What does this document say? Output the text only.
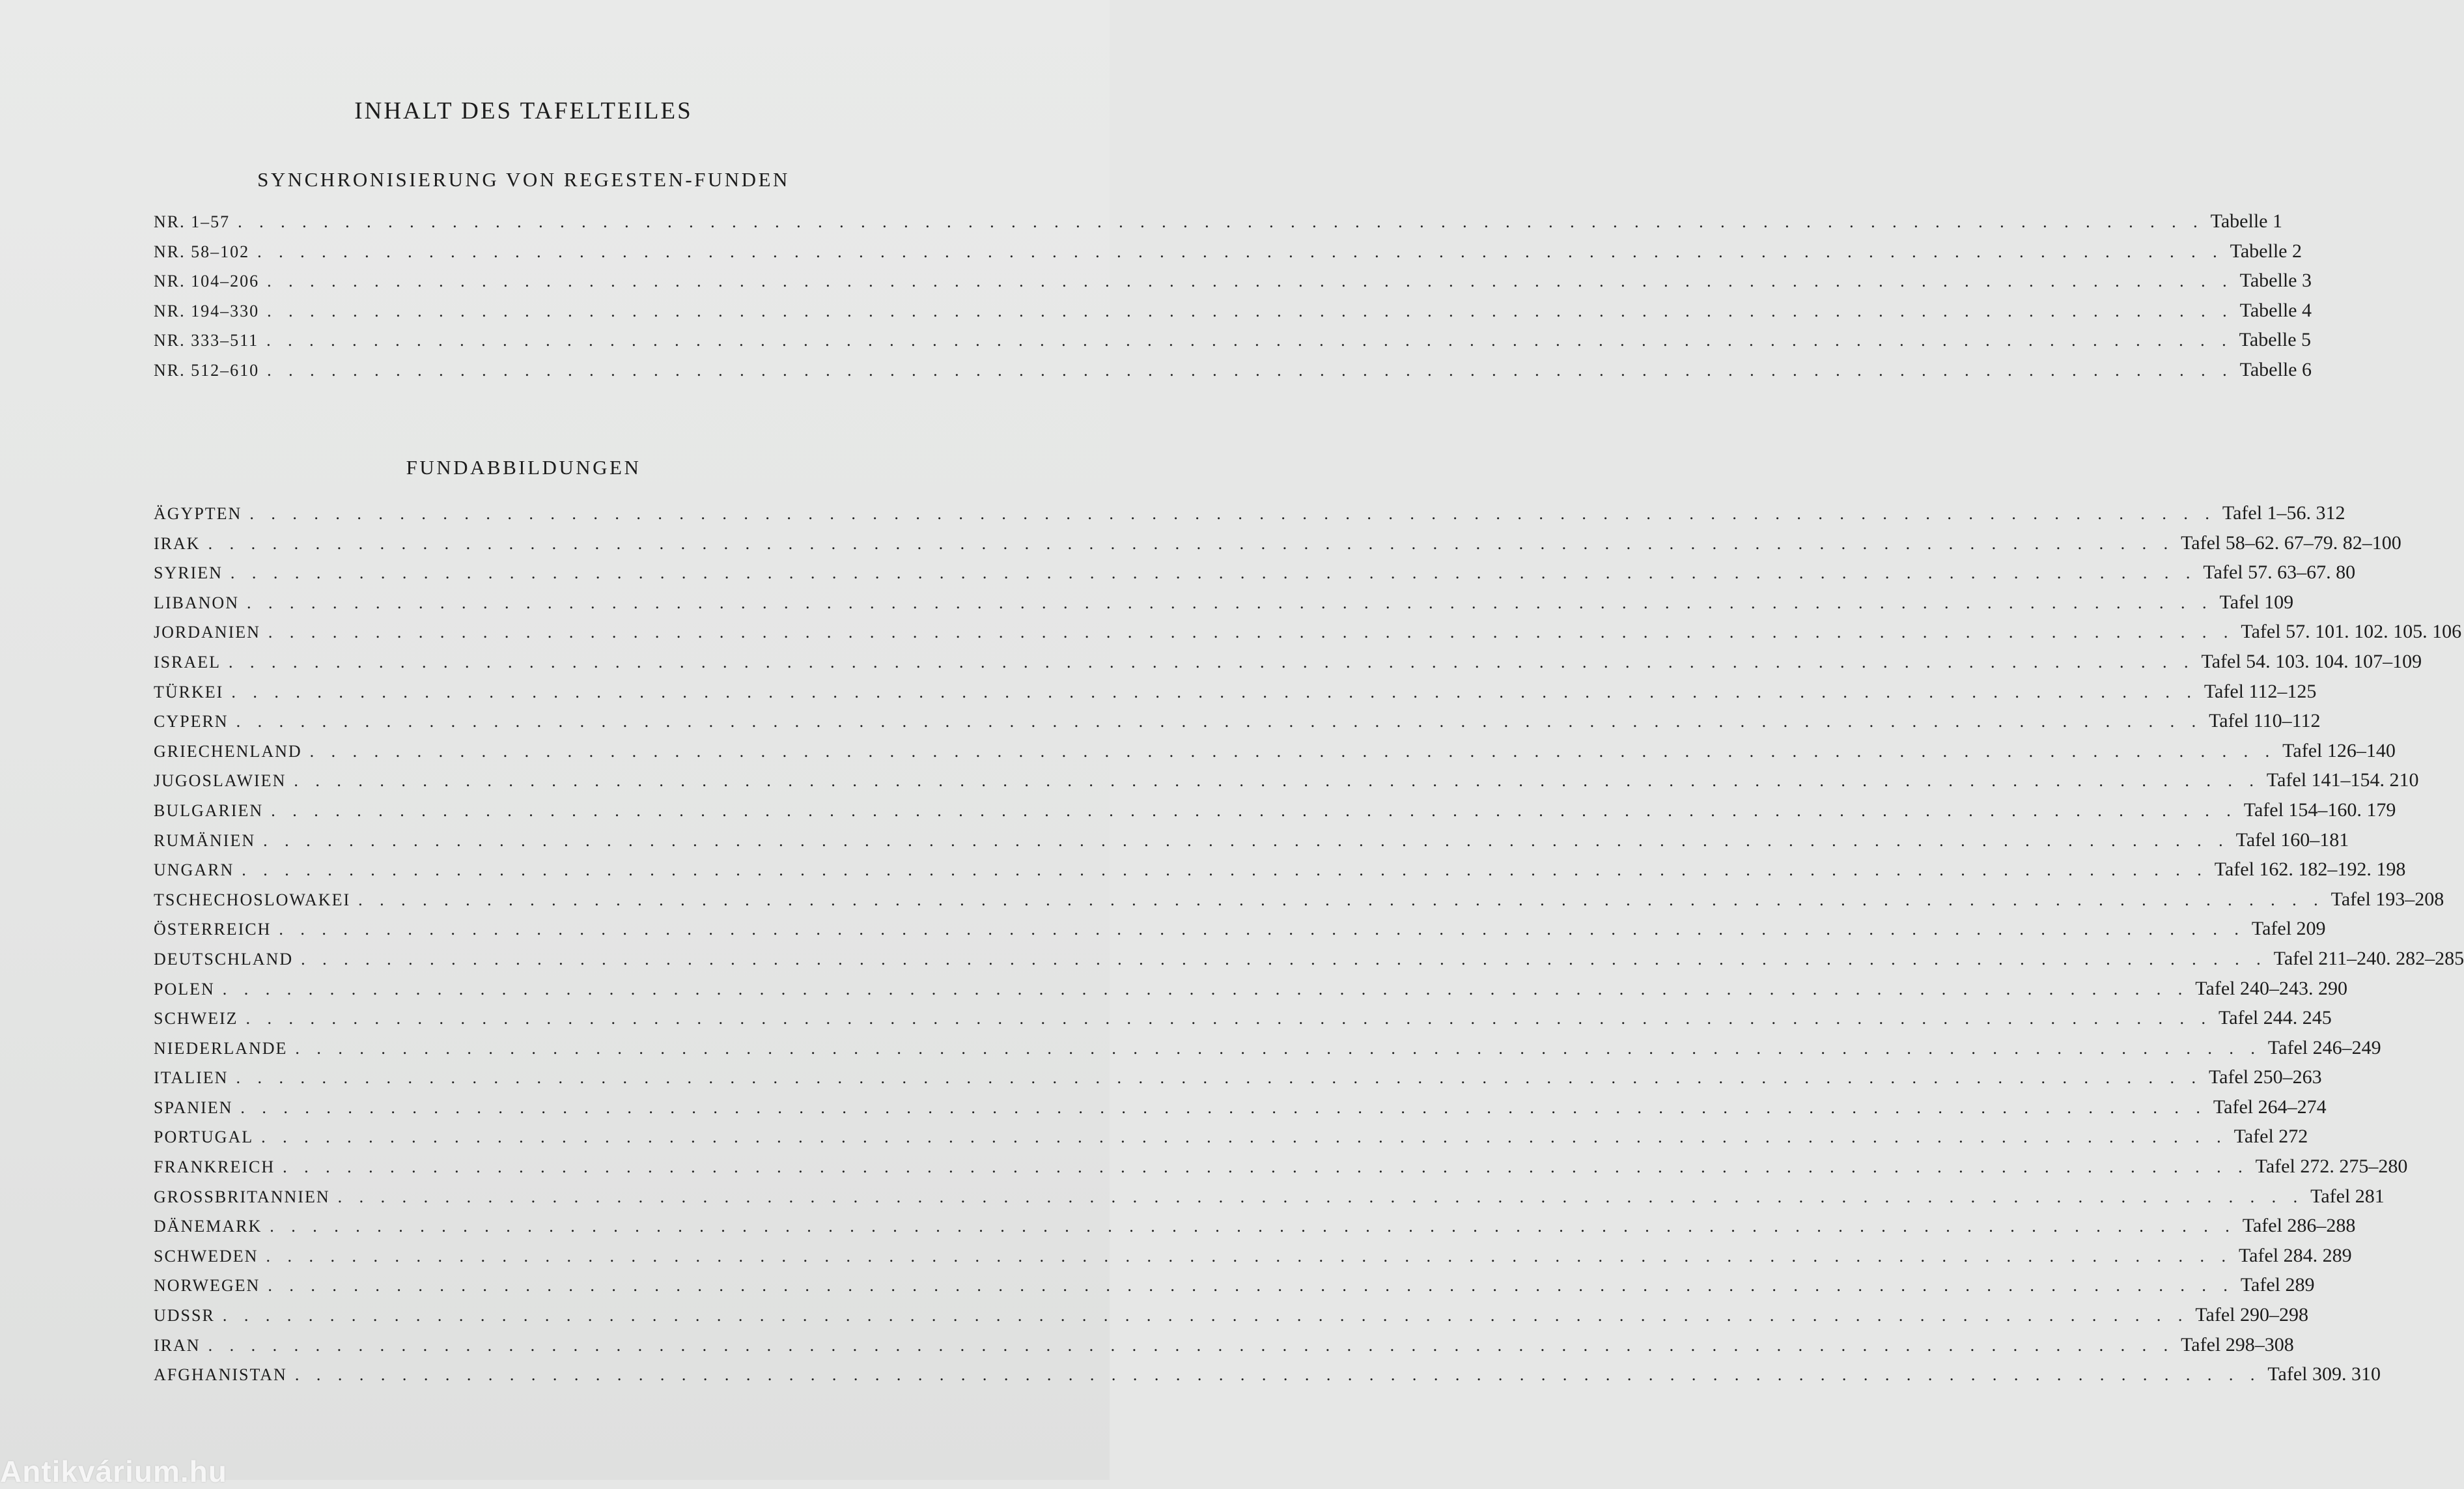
INHALT DES TAFELTEILES
SYNCHRONISIERUNG VON REGESTEN-FUNDEN
NR. 1–57 . . . . . . . . . . . . . . . . . . . . . . . . . . . . . . . . . . . . . . . . . . . . . . . . . . . . . . . . . . . . . . . . . . . . . . . . . . . . . . . . . . . . . . . . . . . . Tabelle 1
NR. 58–102 . . . . . . . . . . . . . . . . . . . . . . . . . . . . . . . . . . . . . . . . . . . . . . . . . . . . . . . . . . . . . . . . . . . . . . . . . . . . . . . . . . . . . . . . . . . . Tabelle 2
NR. 104–206 . . . . . . . . . . . . . . . . . . . . . . . . . . . . . . . . . . . . . . . . . . . . . . . . . . . . . . . . . . . . . . . . . . . . . . . . . . . . . . . . . . . . . . . . . . . . Tabelle 3
NR. 194–330 . . . . . . . . . . . . . . . . . . . . . . . . . . . . . . . . . . . . . . . . . . . . . . . . . . . . . . . . . . . . . . . . . . . . . . . . . . . . . . . . . . . . . . . . . . . . Tabelle 4
NR. 333–511 . . . . . . . . . . . . . . . . . . . . . . . . . . . . . . . . . . . . . . . . . . . . . . . . . . . . . . . . . . . . . . . . . . . . . . . . . . . . . . . . . . . . . . . . . . . . Tabelle 5
NR. 512–610 . . . . . . . . . . . . . . . . . . . . . . . . . . . . . . . . . . . . . . . . . . . . . . . . . . . . . . . . . . . . . . . . . . . . . . . . . . . . . . . . . . . . . . . . . . . . Tabelle 6
FUNDABBILDUNGEN
ÄGYPTEN . . . . . . . . . . . . . . . . . . . . . . . . . . . . . . . . . . . . . . . . . . . . . . . . . . . . . . . . . . . . . . . . . . . . . . . . . . . . . . . . . . . . . . . . . . . . Tafel 1–56. 312
IRAK . . . . . . . . . . . . . . . . . . . . . . . . . . . . . . . . . . . . . . . . . . . . . . . . . . . . . . . . . . . . . . . . . . . . . . . . . . . . . . . . . . . . . . . . . . . . Tafel 58–62. 67–79. 82–100
SYRIEN . . . . . . . . . . . . . . . . . . . . . . . . . . . . . . . . . . . . . . . . . . . . . . . . . . . . . . . . . . . . . . . . . . . . . . . . . . . . . . . . . . . . . . . . . . . . Tafel 57. 63–67. 80
LIBANON . . . . . . . . . . . . . . . . . . . . . . . . . . . . . . . . . . . . . . . . . . . . . . . . . . . . . . . . . . . . . . . . . . . . . . . . . . . . . . . . . . . . . . . . . . . . Tafel 109
JORDANIEN . . . . . . . . . . . . . . . . . . . . . . . . . . . . . . . . . . . . . . . . . . . . . . . . . . . . . . . . . . . . . . . . . . . . . . . . . . . . . . . . . . . . . . . . . . . . Tafel 57. 101. 102. 105. 106
ISRAEL . . . . . . . . . . . . . . . . . . . . . . . . . . . . . . . . . . . . . . . . . . . . . . . . . . . . . . . . . . . . . . . . . . . . . . . . . . . . . . . . . . . . . . . . . . . . Tafel 54. 103. 104. 107–109
TÜRKEI . . . . . . . . . . . . . . . . . . . . . . . . . . . . . . . . . . . . . . . . . . . . . . . . . . . . . . . . . . . . . . . . . . . . . . . . . . . . . . . . . . . . . . . . . . . . Tafel 112–125
CYPERN . . . . . . . . . . . . . . . . . . . . . . . . . . . . . . . . . . . . . . . . . . . . . . . . . . . . . . . . . . . . . . . . . . . . . . . . . . . . . . . . . . . . . . . . . . . . Tafel 110–112
GRIECHENLAND . . . . . . . . . . . . . . . . . . . . . . . . . . . . . . . . . . . . . . . . . . . . . . . . . . . . . . . . . . . . . . . . . . . . . . . . . . . . . . . . . . . . . . . . . . . . Tafel 126–140
JUGOSLAWIEN . . . . . . . . . . . . . . . . . . . . . . . . . . . . . . . . . . . . . . . . . . . . . . . . . . . . . . . . . . . . . . . . . . . . . . . . . . . . . . . . . . . . . . . . . . . . Tafel 141–154. 210
BULGARIEN . . . . . . . . . . . . . . . . . . . . . . . . . . . . . . . . . . . . . . . . . . . . . . . . . . . . . . . . . . . . . . . . . . . . . . . . . . . . . . . . . . . . . . . . . . . . Tafel 154–160. 179
RUMÄNIEN . . . . . . . . . . . . . . . . . . . . . . . . . . . . . . . . . . . . . . . . . . . . . . . . . . . . . . . . . . . . . . . . . . . . . . . . . . . . . . . . . . . . . . . . . . . . Tafel 160–181
UNGARN . . . . . . . . . . . . . . . . . . . . . . . . . . . . . . . . . . . . . . . . . . . . . . . . . . . . . . . . . . . . . . . . . . . . . . . . . . . . . . . . . . . . . . . . . . . . Tafel 162. 182–192. 198
TSCHECHOSLOWAKEI . . . . . . . . . . . . . . . . . . . . . . . . . . . . . . . . . . . . . . . . . . . . . . . . . . . . . . . . . . . . . . . . . . . . . . . . . . . . . . . . . . . . . . . . . . . . Tafel 193–208
ÖSTERREICH . . . . . . . . . . . . . . . . . . . . . . . . . . . . . . . . . . . . . . . . . . . . . . . . . . . . . . . . . . . . . . . . . . . . . . . . . . . . . . . . . . . . . . . . . . . . Tafel 209
DEUTSCHLAND . . . . . . . . . . . . . . . . . . . . . . . . . . . . . . . . . . . . . . . . . . . . . . . . . . . . . . . . . . . . . . . . . . . . . . . . . . . . . . . . . . . . . . . . . . . . Tafel 211–240. 282–285
POLEN . . . . . . . . . . . . . . . . . . . . . . . . . . . . . . . . . . . . . . . . . . . . . . . . . . . . . . . . . . . . . . . . . . . . . . . . . . . . . . . . . . . . . . . . . . . . Tafel 240–243. 290
SCHWEIZ . . . . . . . . . . . . . . . . . . . . . . . . . . . . . . . . . . . . . . . . . . . . . . . . . . . . . . . . . . . . . . . . . . . . . . . . . . . . . . . . . . . . . . . . . . . . Tafel 244. 245
NIEDERLANDE . . . . . . . . . . . . . . . . . . . . . . . . . . . . . . . . . . . . . . . . . . . . . . . . . . . . . . . . . . . . . . . . . . . . . . . . . . . . . . . . . . . . . . . . . . . . Tafel 246–249
ITALIEN . . . . . . . . . . . . . . . . . . . . . . . . . . . . . . . . . . . . . . . . . . . . . . . . . . . . . . . . . . . . . . . . . . . . . . . . . . . . . . . . . . . . . . . . . . . . Tafel 250–263
SPANIEN . . . . . . . . . . . . . . . . . . . . . . . . . . . . . . . . . . . . . . . . . . . . . . . . . . . . . . . . . . . . . . . . . . . . . . . . . . . . . . . . . . . . . . . . . . . . Tafel 264–274
PORTUGAL . . . . . . . . . . . . . . . . . . . . . . . . . . . . . . . . . . . . . . . . . . . . . . . . . . . . . . . . . . . . . . . . . . . . . . . . . . . . . . . . . . . . . . . . . . . . Tafel 272
FRANKREICH . . . . . . . . . . . . . . . . . . . . . . . . . . . . . . . . . . . . . . . . . . . . . . . . . . . . . . . . . . . . . . . . . . . . . . . . . . . . . . . . . . . . . . . . . . . . Tafel 272. 275–280
GROSSBRITANNIEN . . . . . . . . . . . . . . . . . . . . . . . . . . . . . . . . . . . . . . . . . . . . . . . . . . . . . . . . . . . . . . . . . . . . . . . . . . . . . . . . . . . . . . . . . . . . Tafel 281
DÄNEMARK . . . . . . . . . . . . . . . . . . . . . . . . . . . . . . . . . . . . . . . . . . . . . . . . . . . . . . . . . . . . . . . . . . . . . . . . . . . . . . . . . . . . . . . . . . . . Tafel 286–288
SCHWEDEN . . . . . . . . . . . . . . . . . . . . . . . . . . . . . . . . . . . . . . . . . . . . . . . . . . . . . . . . . . . . . . . . . . . . . . . . . . . . . . . . . . . . . . . . . . . . Tafel 284. 289
NORWEGEN . . . . . . . . . . . . . . . . . . . . . . . . . . . . . . . . . . . . . . . . . . . . . . . . . . . . . . . . . . . . . . . . . . . . . . . . . . . . . . . . . . . . . . . . . . . . Tafel 289
UDSSR . . . . . . . . . . . . . . . . . . . . . . . . . . . . . . . . . . . . . . . . . . . . . . . . . . . . . . . . . . . . . . . . . . . . . . . . . . . . . . . . . . . . . . . . . . . . Tafel 290–298
IRAN . . . . . . . . . . . . . . . . . . . . . . . . . . . . . . . . . . . . . . . . . . . . . . . . . . . . . . . . . . . . . . . . . . . . . . . . . . . . . . . . . . . . . . . . . . . . Tafel 298–308
AFGHANISTAN . . . . . . . . . . . . . . . . . . . . . . . . . . . . . . . . . . . . . . . . . . . . . . . . . . . . . . . . . . . . . . . . . . . . . . . . . . . . . . . . . . . . . . . . . . . . Tafel 309. 310
Antikvárium.hu
